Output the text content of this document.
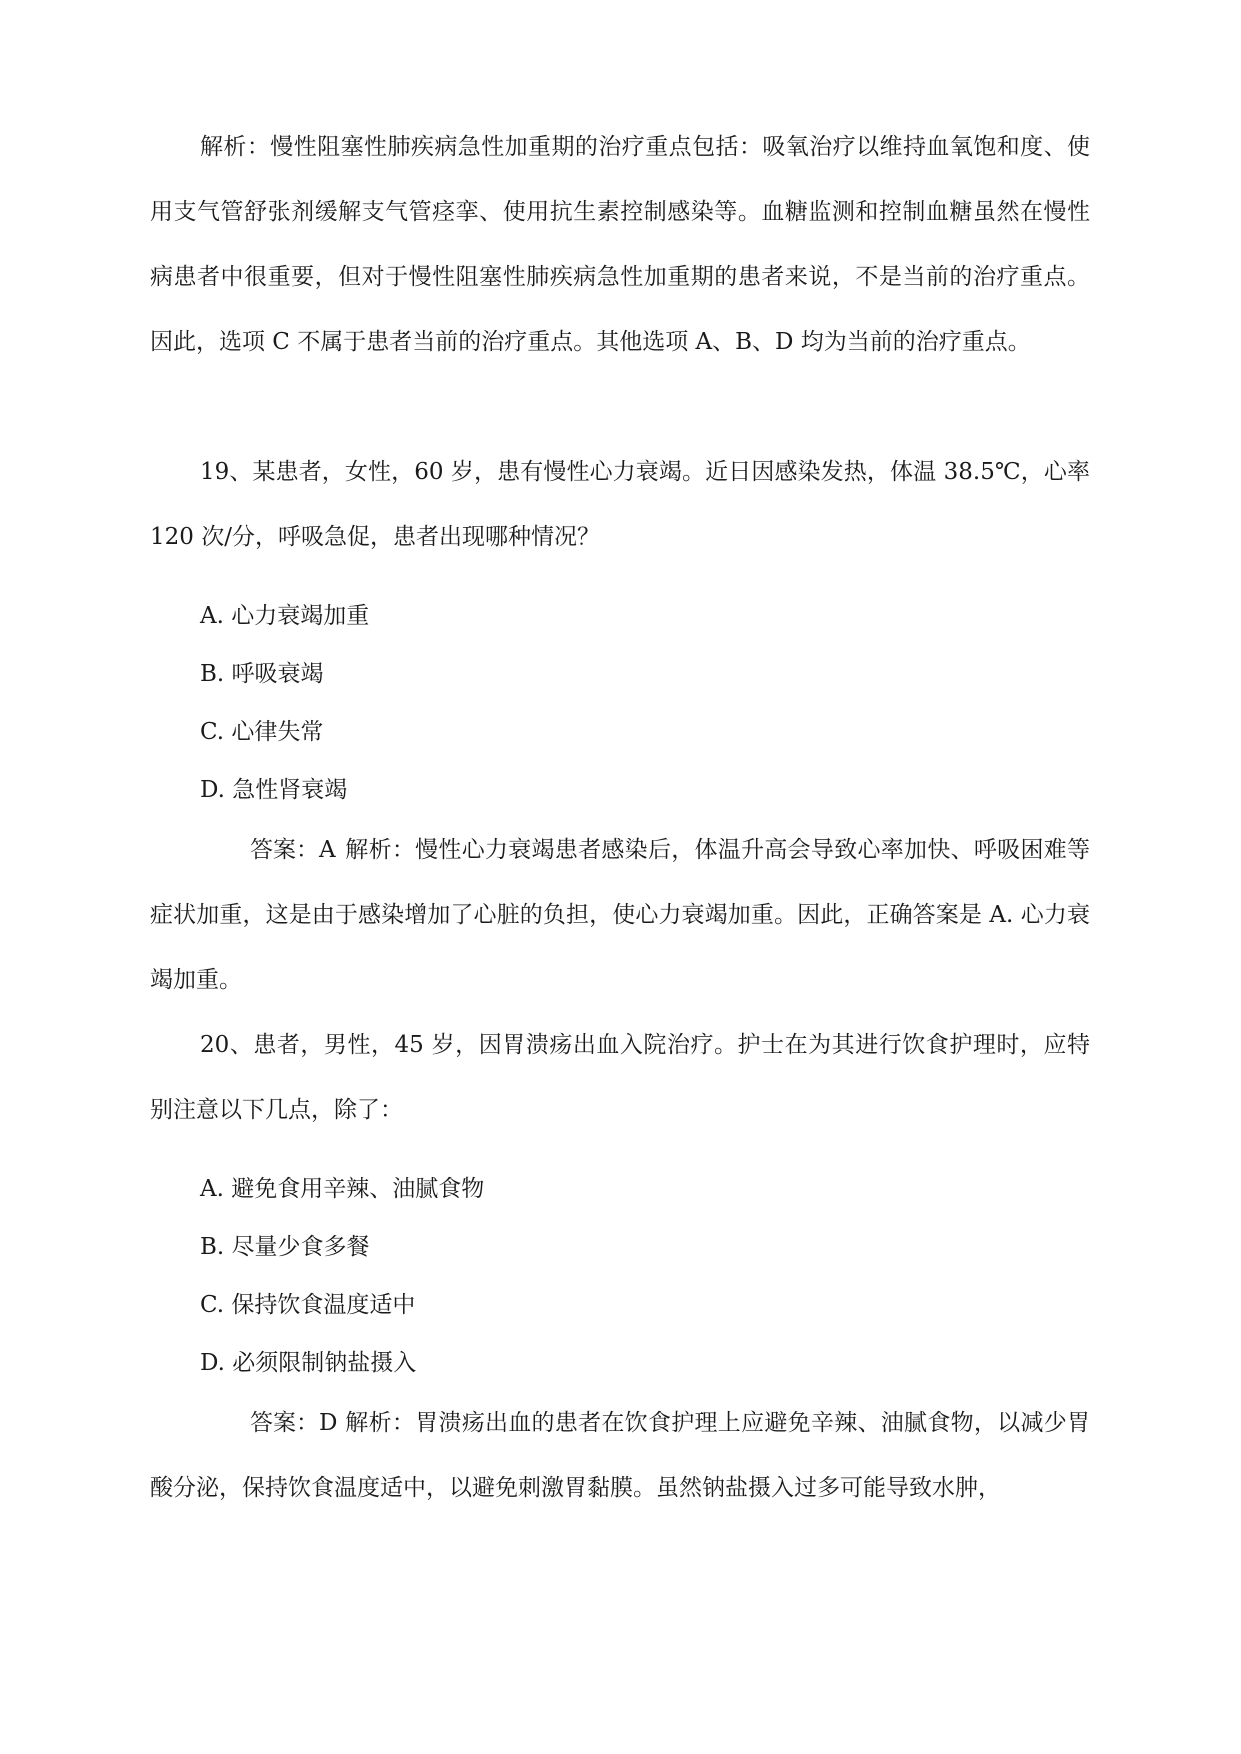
解析：慢性阻塞性肺疾病急性加重期的治疗重点包括：吸氧治疗以维持血氧饱和度、使用支气管舒张剂缓解支气管痉挛、使用抗生素控制感染等。血糖监测和控制血糖虽然在慢性病患者中很重要，但对于慢性阻塞性肺疾病急性加重期的患者来说，不是当前的治疗重点。因此，选项 C 不属于患者当前的治疗重点。其他选项 A、B、D 均为当前的治疗重点。

19、某患者，女性，60 岁，患有慢性心力衰竭。近日因感染发热，体温 38.5℃，心率 120 次/分，呼吸急促，患者出现哪种情况？

A. 心力衰竭加重

B. 呼吸衰竭

C. 心律失常

D. 急性肾衰竭

答案：A 解析：慢性心力衰竭患者感染后，体温升高会导致心率加快、呼吸困难等症状加重，这是由于感染增加了心脏的负担，使心力衰竭加重。因此，正确答案是 A. 心力衰竭加重。

20、患者，男性，45 岁，因胃溃疡出血入院治疗。护士在为其进行饮食护理时，应特别注意以下几点，除了：

A. 避免食用辛辣、油腻食物

B. 尽量少食多餐

C. 保持饮食温度适中

D. 必须限制钠盐摄入

答案：D 解析：胃溃疡出血的患者在饮食护理上应避免辛辣、油腻食物，以减少胃酸分泌，保持饮食温度适中，以避免刺激胃黏膜。虽然钠盐摄入过多可能导致水肿，
